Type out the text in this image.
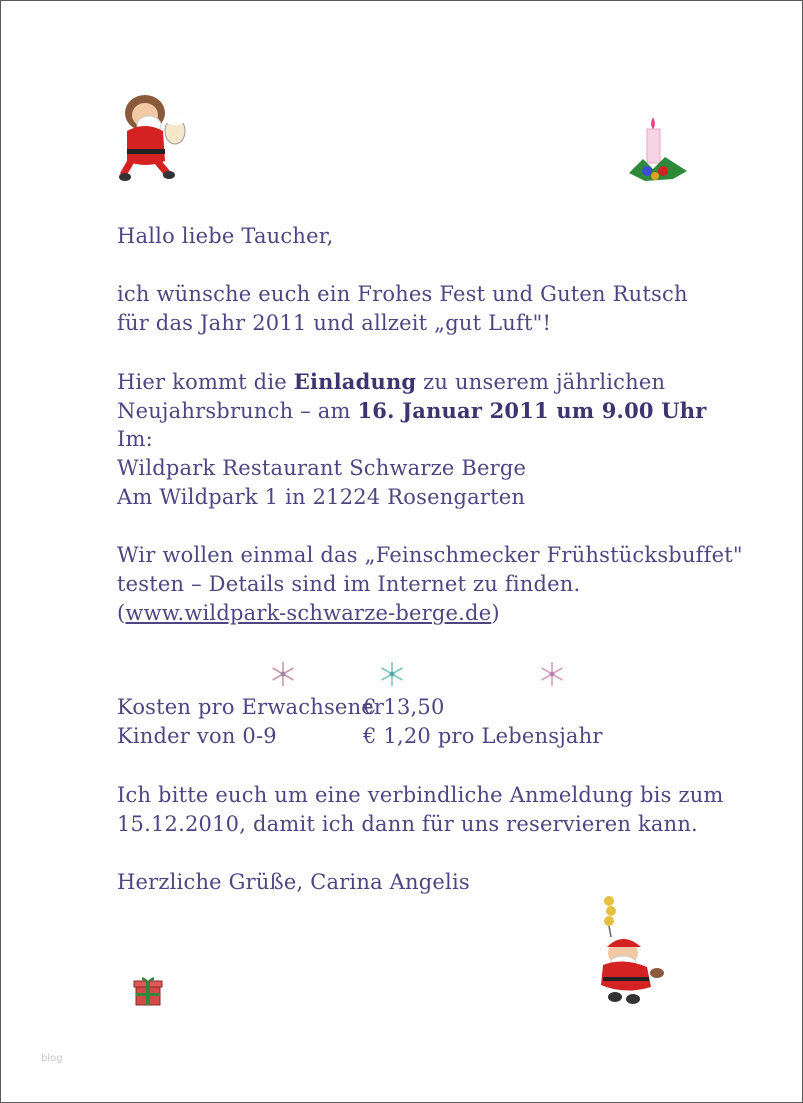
Hallo liebe Taucher,
ich wünsche euch ein Frohes Fest und Guten Rutsch
für das Jahr 2011 und allzeit „gut Luft"!
Hier kommt die Einladung zu unserem jährlichen
Neujahrsbrunch – am 16. Januar 2011 um 9.00 Uhr
Im:
Wildpark Restaurant Schwarze Berge
Am Wildpark 1 in 21224 Rosengarten
Wir wollen einmal das „Feinschmecker Frühstücksbuffet"
testen – Details sind im Internet zu finden.
(www.wildpark-schwarze-berge.de)
Kosten pro Erwachsener
€ 13,50
Kinder von 0-9	€ 1,20 pro Lebensjahr
Ich bitte euch um eine verbindliche Anmeldung bis zum
15.12.2010, damit ich dann für uns reservieren kann.
Herzliche Grüße, Carina Angelis
blog
